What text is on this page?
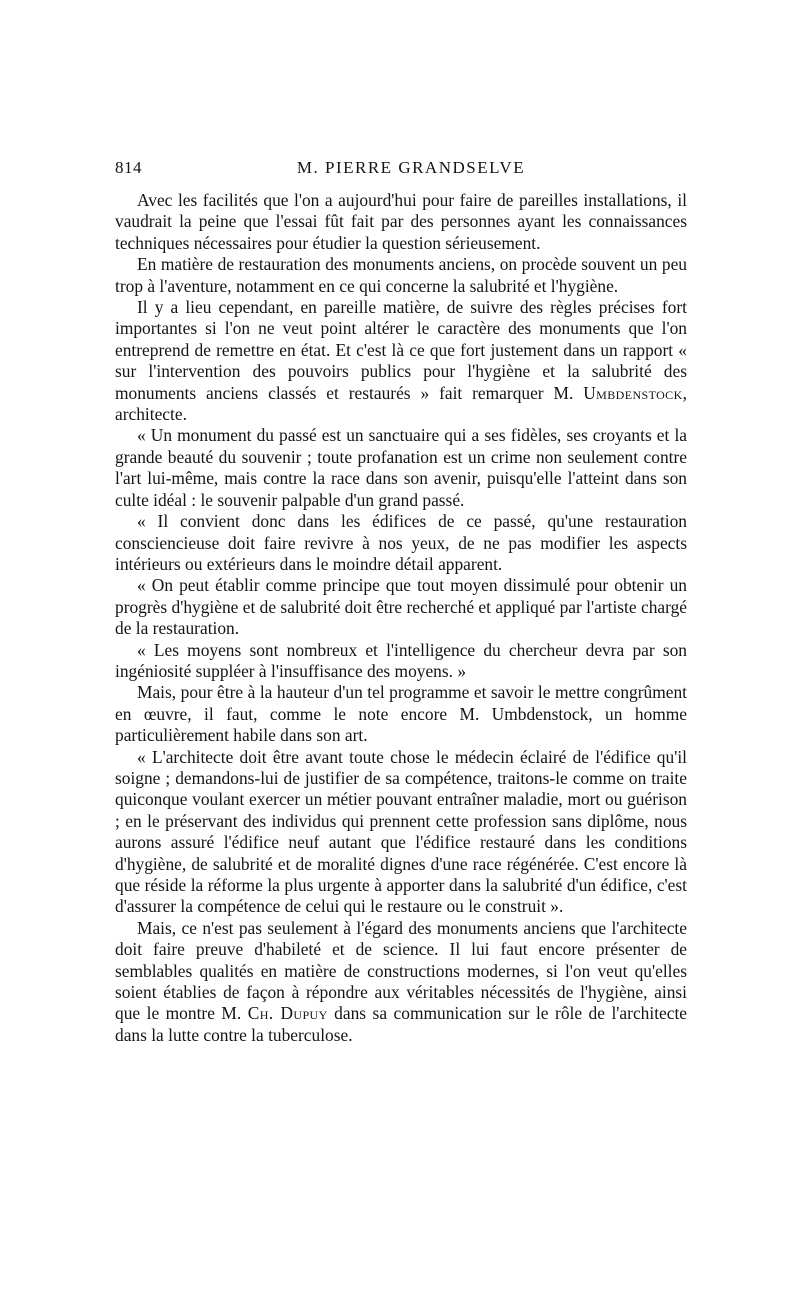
814	M. PIERRE GRANDSELVE

Avec les facilités que l'on a aujourd'hui pour faire de pareilles installations, il vaudrait la peine que l'essai fût fait par des personnes ayant les connaissances techniques nécessaires pour étudier la question sérieusement.

En matière de restauration des monuments anciens, on procède souvent un peu trop à l'aventure, notamment en ce qui concerne la salubrité et l'hygiène.

Il y a lieu cependant, en pareille matière, de suivre des règles précises fort importantes si l'on ne veut point altérer le caractère des monuments que l'on entreprend de remettre en état. Et c'est là ce que fort justement dans un rapport « sur l'intervention des pouvoirs publics pour l'hygiène et la salubrité des monuments anciens classés et restaurés » fait remarquer M. Umbdenstock, architecte.

« Un monument du passé est un sanctuaire qui a ses fidèles, ses croyants et la grande beauté du souvenir ; toute profanation est un crime non seulement contre l'art lui-même, mais contre la race dans son avenir, puisqu'elle l'atteint dans son culte idéal : le souvenir palpable d'un grand passé.

« Il convient donc dans les édifices de ce passé, qu'une restauration consciencieuse doit faire revivre à nos yeux, de ne pas modifier les aspects intérieurs ou extérieurs dans le moindre détail apparent.

« On peut établir comme principe que tout moyen dissimulé pour obtenir un progrès d'hygiène et de salubrité doit être recherché et appliqué par l'artiste chargé de la restauration.

« Les moyens sont nombreux et l'intelligence du chercheur devra par son ingéniosité suppléer à l'insuffisance des moyens. »

Mais, pour être à la hauteur d'un tel programme et savoir le mettre congrûment en œuvre, il faut, comme le note encore M. Umbdenstock, un homme particulièrement habile dans son art.

« L'architecte doit être avant toute chose le médecin éclairé de l'édifice qu'il soigne ; demandons-lui de justifier de sa compétence, traitons-le comme on traite quiconque voulant exercer un métier pouvant entraîner maladie, mort ou guérison ; en le préservant des individus qui prennent cette profession sans diplôme, nous aurons assuré l'édifice neuf autant que l'édifice restauré dans les conditions d'hygiène, de salubrité et de moralité dignes d'une race régénérée. C'est encore là que réside la réforme la plus urgente à apporter dans la salubrité d'un édifice, c'est d'assurer la compétence de celui qui le restaure ou le construit ».

Mais, ce n'est pas seulement à l'égard des monuments anciens que l'architecte doit faire preuve d'habileté et de science. Il lui faut encore présenter de semblables qualités en matière de constructions modernes, si l'on veut qu'elles soient établies de façon à répondre aux véritables nécessités de l'hygiène, ainsi que le montre M. Ch. Dupuy dans sa communication sur le rôle de l'architecte dans la lutte contre la tuberculose.
